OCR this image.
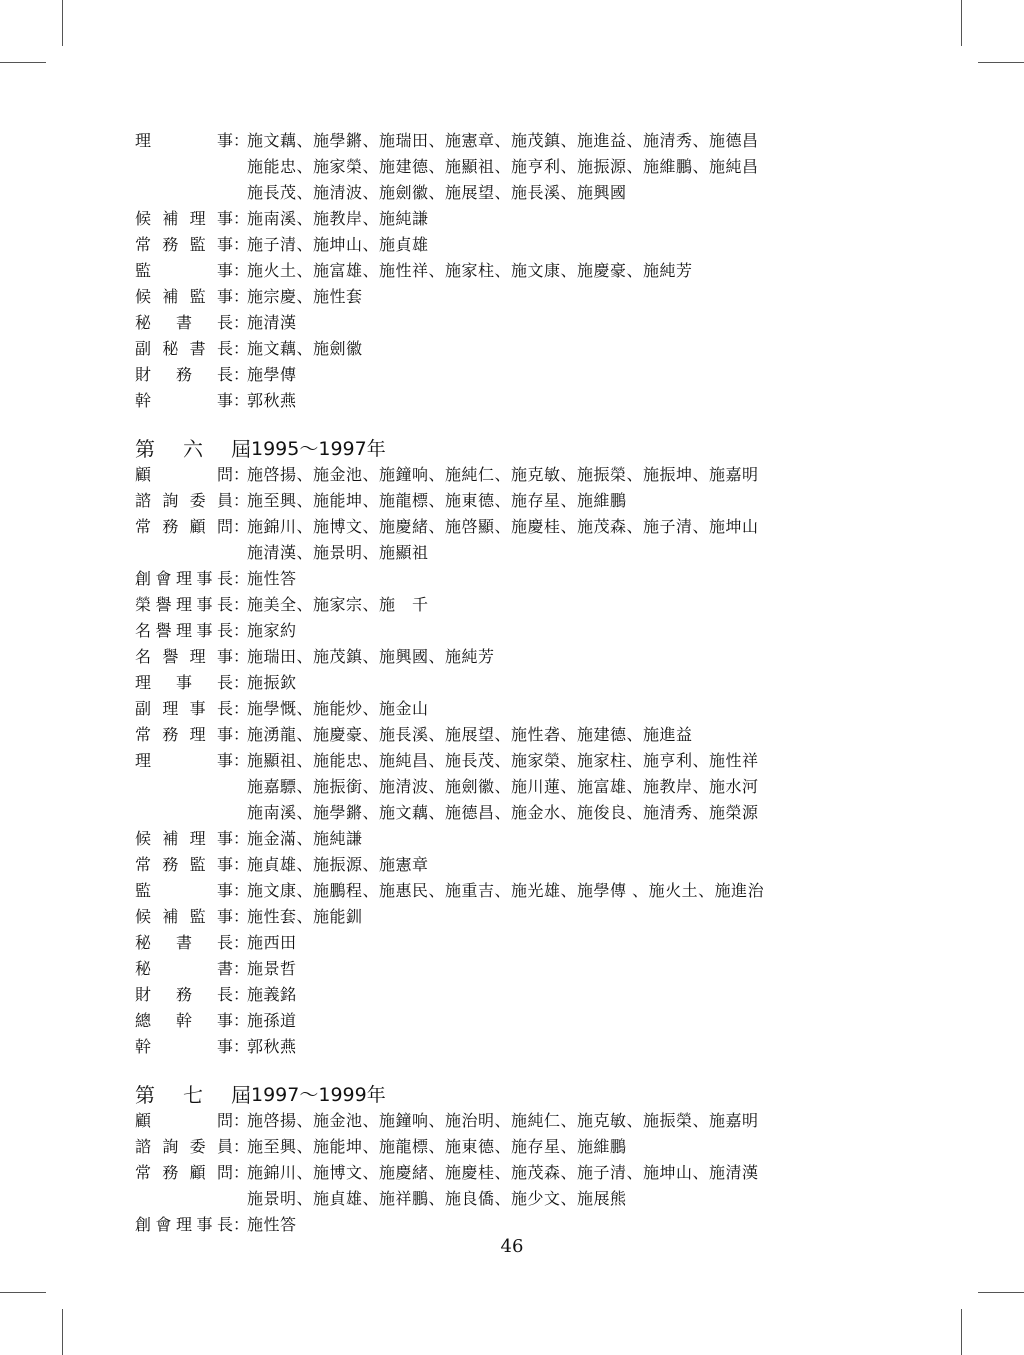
理	事 ：
施文藕、施學鏘、施瑞田、施憲章、施茂鎮、施進益、施清秀、施德昌
施能忠、施家榮、施建德、施顯祖、施亨利、施振源、施維鵬、施純昌
施長茂、施清波、施劍徽、施展望、施長溪、施興國
候 補 理 事 ：
施南溪、施教岸、施純謙
常 務 監 事 ：
施子清、施坤山、施貞雄
監	事 ：
施火土、施富雄、施性祥、施家柱、施文康、施慶豪、施純芳
候 補 監 事 ：
施宗慶、施性套
秘 書 長 ：
施清漢
副 秘 書 長 ：
施文藕、施劍徽
財 務 長 ：
施學傳
幹	事 ：
郭秋燕
第 六 屆 1995～1997年
顧	問 ：
施啓揚、施金池、施鐘响、施純仁、施克敏、施振榮、施振坤、施嘉明
諮 詢 委 員 ：
施至興、施能坤、施龍標、施東德、施存星、施維鵬
常 務 顧 問 ：
施錦川、施博文、施慶緒、施啓顯、施慶桂、施茂森、施子清、施坤山
施清漢、施景明、施顯祖
創 會 理 事 長 ：
施性答
榮 譽 理 事 長 ：
施美全、施家宗、施　千
名 譽 理 事 長 ：
施家約
名 譽 理 事 ：
施瑞田、施茂鎮、施興國、施純芳
理 事 長 ：
施振欽
副 理 事 長 ：
施學慨、施能炒、施金山
常 務 理 事 ：
施湧龍、施慶豪、施長溪、施展望、施性砻、施建德、施進益
理	事 ：
施顯祖、施能忠、施純昌、施長茂、施家榮、施家柱、施亨利、施性祥
施嘉驃、施振銜、施清波、施劍徽、施川蓮、施富雄、施教岸、施水河
施南溪、施學鏘、施文藕、施德昌、施金水、施俊良、施清秀、施榮源
候 補 理 事 ：
施金滿、施純謙
常 務 監 事 ：
施貞雄、施振源、施憲章
監	事 ：
施文康、施鵬程、施惠民、施重吉、施光雄、施學傳 、施火土、施進治
候 補 監 事 ：
施性套、施能釧
秘 書 長 ：
施西田
秘	書 ：
施景哲
財 務 長 ：
施義銘
總 幹 事 ：
施孫道
幹	事 ：
郭秋燕
第 七 屆 1997～1999年
顧	問 ：
施啓揚、施金池、施鐘响、施治明、施純仁、施克敏、施振榮、施嘉明
諮 詢 委 員 ：
施至興、施能坤、施龍標、施東德、施存星、施維鵬
常 務 顧 問 ：
施錦川、施博文、施慶緒、施慶桂、施茂森、施子清、施坤山、施清漢
施景明、施貞雄、施祥鵬、施良僑、施少文、施展熊
創 會 理 事 長 ：
施性答
46
